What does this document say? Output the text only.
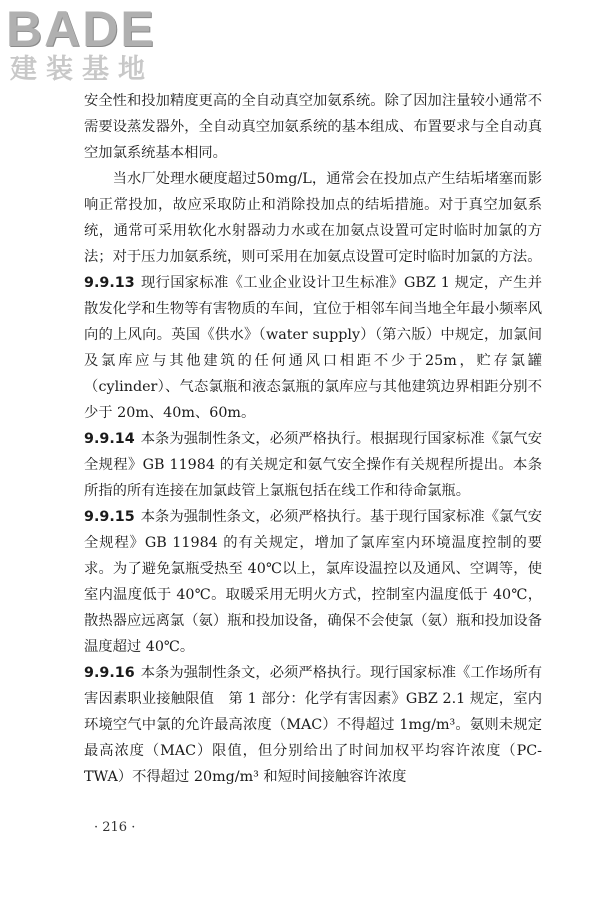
BADE
建装基地

安全性和投加精度更高的全自动真空加氨系统。除了因加注量较小通常不需要设蒸发器外，全自动真空加氨系统的基本组成、布置要求与全自动真空加氯系统基本相同。

当水厂处理水硬度超过50mg/L，通常会在投加点产生结垢堵塞而影响正常投加，故应采取防止和消除投加点的结垢措施。对于真空加氨系统，通常可采用软化水射器动力水或在加氨点设置可定时临时加氯的方法；对于压力加氨系统，则可采用在加氨点设置可定时临时加氯的方法。

9.9.13 现行国家标准《工业企业设计卫生标准》GBZ 1 规定，产生并散发化学和生物等有害物质的车间，宜位于相邻车间当地全年最小频率风向的上风向。英国《供水》（water supply）（第六版）中规定，加氯间及氯库应与其他建筑的任何通风口相距不少于25m，贮存氯罐（cylinder）、气态氯瓶和液态氯瓶的氯库应与其他建筑边界相距分别不少于 20m、40m、60m。

9.9.14 本条为强制性条文，必须严格执行。根据现行国家标准《氯气安全规程》GB 11984 的有关规定和氨气安全操作有关规程所提出。本条所指的所有连接在加氯歧管上氯瓶包括在线工作和待命氯瓶。

9.9.15 本条为强制性条文，必须严格执行。基于现行国家标准《氯气安全规程》GB 11984 的有关规定，增加了氯库室内环境温度控制的要求。为了避免氯瓶受热至 40℃以上，氯库设温控以及通风、空调等，使室内温度低于 40℃。取暖采用无明火方式，控制室内温度低于 40℃，散热器应远离氯（氨）瓶和投加设备，确保不会使氯（氨）瓶和投加设备温度超过 40℃。

9.9.16 本条为强制性条文，必须严格执行。现行国家标准《工作场所有害因素职业接触限值　第 1 部分：化学有害因素》GBZ 2.1 规定，室内环境空气中氯的允许最高浓度（MAC）不得超过 1mg/m³。氨则未规定最高浓度（MAC）限值，但分别给出了时间加权平均容许浓度（PC-TWA）不得超过 20mg/m³ 和短时间接触容许浓度

· 216 ·
